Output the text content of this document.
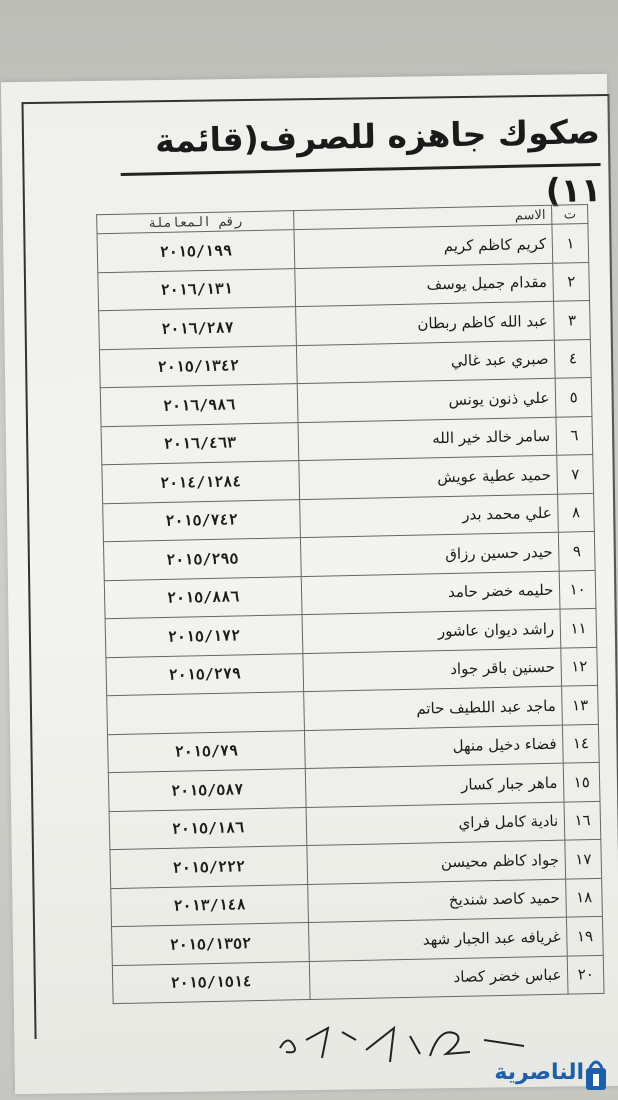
صكوك جاهزه للصرف(قائمة ١١)
ت	الاسم	رقم المعاملة
١	كريم كاظم كريم	٢٠١٥/١٩٩
٢	مقدام جميل يوسف	٢٠١٦/١٣١
٣	عبد الله كاظم ربطان	٢٠١٦/٢٨٧
٤	صبري عبد غالي	٢٠١٥/١٣٤٢
٥	علي ذنون يونس	٢٠١٦/٩٨٦
٦	سامر خالد خير الله	٢٠١٦/٤٦٣
٧	حميد عطية عويش	٢٠١٤/١٢٨٤
٨	علي محمد بدر	٢٠١٥/٧٤٢
٩	حيدر حسين رزاق	٢٠١٥/٢٩٥
١٠	حليمه خضر حامد	٢٠١٥/٨٨٦
١١	راشد ديوان عاشور	٢٠١٥/١٧٢
١٢	حسنين باقر جواد	٢٠١٥/٢٧٩
١٣	ماجد عبد اللطيف حاتم	
١٤	فضاء دخيل منهل	٢٠١٥/٧٩
١٥	ماهر جبار كسار	٢٠١٥/٥٨٧
١٦	نادية كامل فراي	٢٠١٥/١٨٦
١٧	جواد كاظم محيسن	٢٠١٥/٢٢٢
١٨	حميد كاصد شنديخ	٢٠١٣/١٤٨
١٩	غريافه عبد الجبار شهد	٢٠١٥/١٣٥٢
٢٠	عباس خضر كصاد	٢٠١٥/١٥١٤
الناصرية
